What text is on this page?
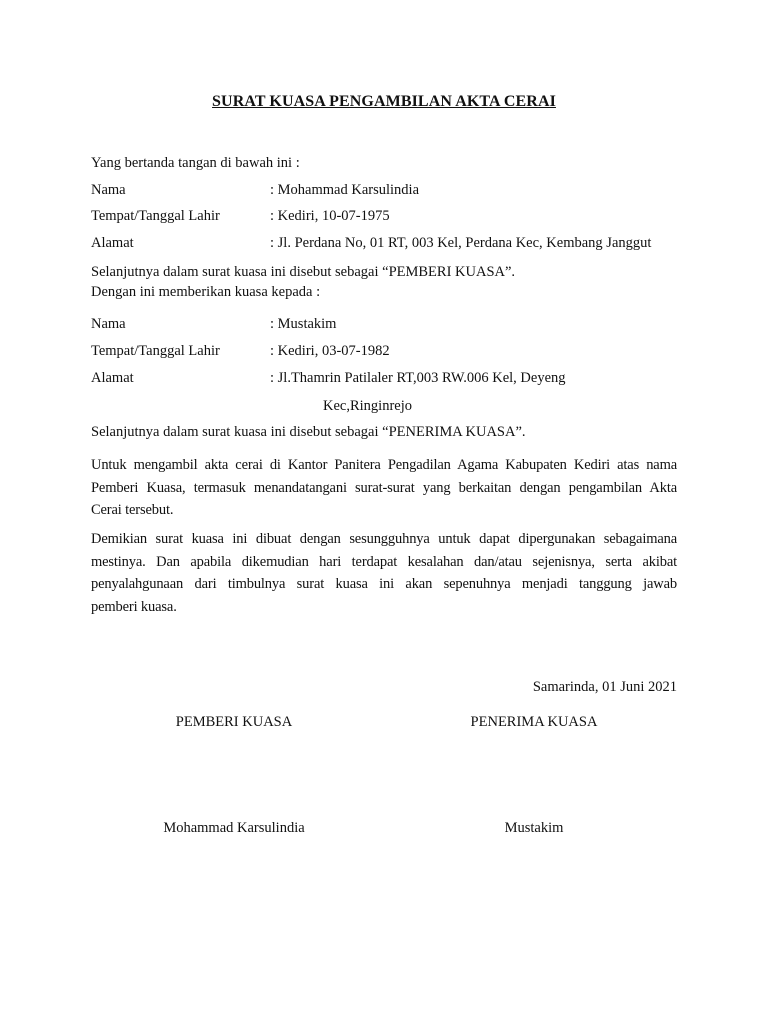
SURAT KUASA PENGAMBILAN AKTA CERAI
Yang bertanda tangan di bawah ini :
Nama	: Mohammad Karsulindia
Tempat/Tanggal Lahir	: Kediri, 10-07-1975
Alamat	: Jl. Perdana No, 01 RT, 003 Kel, Perdana Kec, Kembang Janggut
Selanjutnya dalam surat kuasa ini disebut sebagai “PEMBERI KUASA”.
Dengan ini memberikan kuasa kepada :
Nama	: Mustakim
Tempat/Tanggal Lahir	: Kediri, 03-07-1982
Alamat	: Jl.Thamrin Patilaler RT,003 RW.006 Kel, Deyeng
Kec,Ringinrejo
Selanjutnya dalam surat kuasa ini disebut sebagai “PENERIMA KUASA”.
Untuk mengambil akta cerai di Kantor Panitera Pengadilan Agama Kabupaten Kediri atas nama
Pemberi Kuasa, termasuk menandatangani surat-surat yang berkaitan dengan pengambilan Akta
Cerai tersebut.
Demikian surat kuasa ini dibuat dengan sesungguhnya untuk dapat dipergunakan sebagaimana
mestinya. Dan apabila dikemudian hari terdapat kesalahan dan/atau sejenisnya, serta akibat
penyalahgunaan dari timbulnya surat kuasa ini akan sepenuhnya menjadi tanggung jawab
pemberi kuasa.
Samarinda, 01 Juni 2021
PEMBERI KUASA	PENERIMA KUASA
Mohammad Karsulindia	Mustakim
